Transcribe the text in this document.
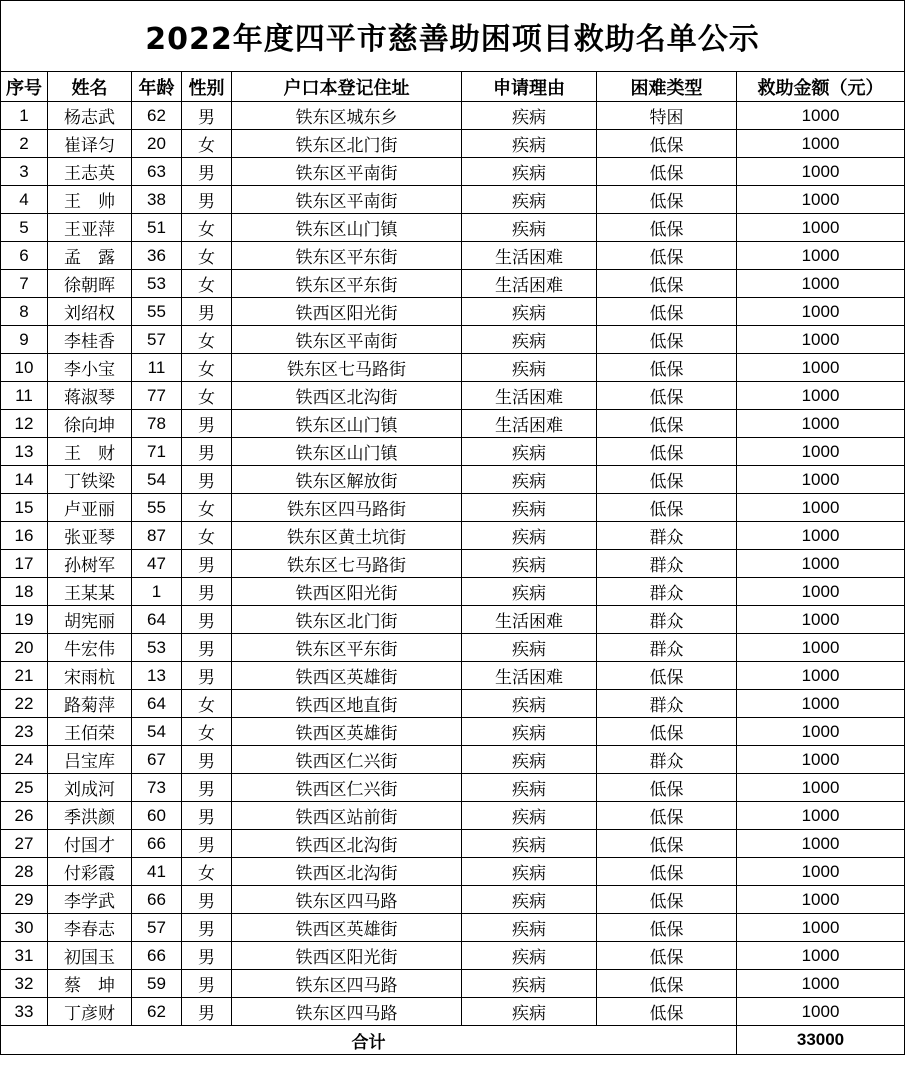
2022年度四平市慈善助困项目救助名单公示							
序号	姓名	年龄	性别	户口本登记住址	申请理由	困难类型	救助金额（元）
1	杨志武	62	男	铁东区城东乡	疾病	特困	1000
2	崔译匀	20	女	铁东区北门街	疾病	低保	1000
3	王志英	63	男	铁东区平南街	疾病	低保	1000
4	王　帅	38	男	铁东区平南街	疾病	低保	1000
5	王亚萍	51	女	铁东区山门镇	疾病	低保	1000
6	孟　露	36	女	铁东区平东街	生活困难	低保	1000
7	徐朝晖	53	女	铁东区平东街	生活困难	低保	1000
8	刘绍权	55	男	铁西区阳光街	疾病	低保	1000
9	李桂香	57	女	铁东区平南街	疾病	低保	1000
10	李小宝	11	女	铁东区七马路街	疾病	低保	1000
11	蒋淑琴	77	女	铁西区北沟街	生活困难	低保	1000
12	徐向坤	78	男	铁东区山门镇	生活困难	低保	1000
13	王　财	71	男	铁东区山门镇	疾病	低保	1000
14	丁铁梁	54	男	铁东区解放街	疾病	低保	1000
15	卢亚丽	55	女	铁东区四马路街	疾病	低保	1000
16	张亚琴	87	女	铁东区黄土坑街	疾病	群众	1000
17	孙树军	47	男	铁东区七马路街	疾病	群众	1000
18	王某某	1	男	铁西区阳光街	疾病	群众	1000
19	胡宪丽	64	男	铁东区北门街	生活困难	群众	1000
20	牛宏伟	53	男	铁东区平东街	疾病	群众	1000
21	宋雨杭	13	男	铁西区英雄街	生活困难	低保	1000
22	路菊萍	64	女	铁西区地直街	疾病	群众	1000
23	王佰荣	54	女	铁西区英雄街	疾病	低保	1000
24	吕宝库	67	男	铁西区仁兴街	疾病	群众	1000
25	刘成河	73	男	铁西区仁兴街	疾病	低保	1000
26	季洪颜	60	男	铁西区站前街	疾病	低保	1000
27	付国才	66	男	铁西区北沟街	疾病	低保	1000
28	付彩霞	41	女	铁西区北沟街	疾病	低保	1000
29	李学武	66	男	铁东区四马路	疾病	低保	1000
30	李春志	57	男	铁西区英雄街	疾病	低保	1000
31	初国玉	66	男	铁西区阳光街	疾病	低保	1000
32	蔡　坤	59	男	铁东区四马路	疾病	低保	1000
33	丁彦财	62	男	铁东区四马路	疾病	低保	1000
合计							33000
